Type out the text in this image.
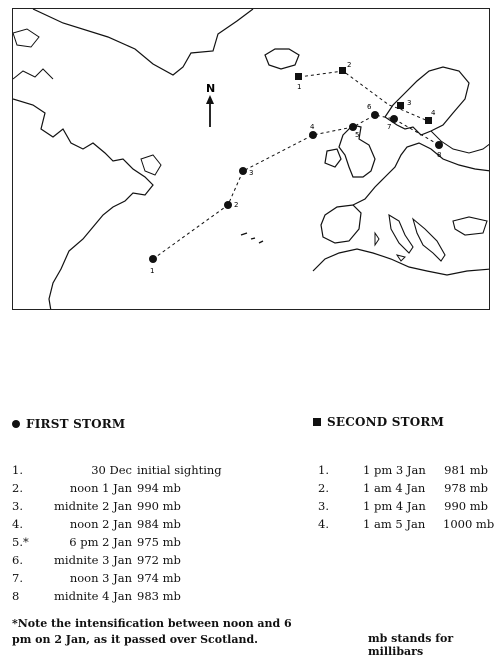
N
1
2
3
4
5
6
7
8
1
2
3
4
FIRST STORM
1.	30 Dec initial sighting
2.	noon 1 Jan 994 mb
3.	midnite 2 Jan 990 mb
4.	noon 2 Jan 984 mb
5.*	6 pm 2 Jan 975 mb
6.	midnite 3 Jan 972 mb
7.	noon 3 Jan 974 mb
8	midnite 4 Jan 983 mb
SECOND STORM
1.	1 pm 3 Jan 981 mb
2.	1 am 4 Jan 978 mb
3.	1 pm 4 Jan 990 mb
4.	1 am 5 Jan 1000 mb
*Note the intensification between noon and 6 pm on 2 Jan, as it passed over Scotland.	mb stands for millibars
